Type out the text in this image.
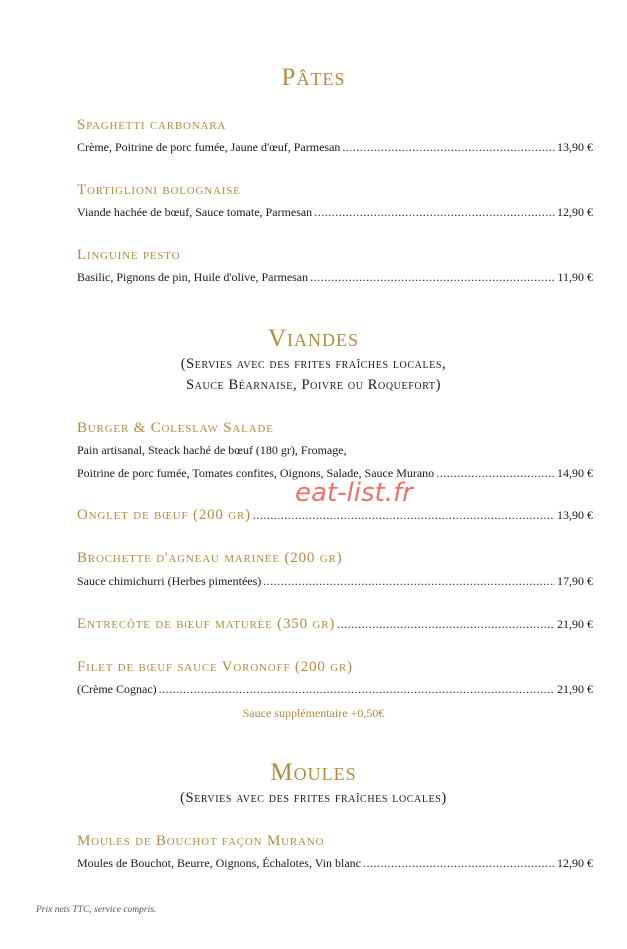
Pâtes
Spaghetti carbonara
Crème, Poitrine de porc fumée, Jaune d'œuf, Parmesan .....	13,90 €
Tortiglioni bolognaise
Viande hachée de bœuf, Sauce tomate, Parmesan .....	12,90 €
Linguine pesto
Basilic, Pignons de pin, Huile d'olive, Parmesan .....	11,90 €
Viandes
(Servies avec des frites fraîches locales,
Sauce Béarnaise, Poivre ou Roquefort)
Burger & Coleslaw Salade
Pain artisanal, Steack haché de bœuf (180 gr), Fromage,
Poitrine de porc fumée, Tomates confites, Oignons, Salade, Sauce Murano .....	14,90 €
Onglet de bœuf (200 gr) .....	13,90 €
Brochette d'agneau marinée (200 gr)
Sauce chimichurri (Herbes pimentées) .....	17,90 €
Entrecôte de bœuf maturée (350 gr) .....	21,90 €
Filet de bœuf sauce Voronoff (200 gr)
(Crème Cognac) .....	21,90 €
Sauce supplémentaire +0,50€
Moules
(Servies avec des frites fraîches locales)
Moules de Bouchot façon Murano
Moules de Bouchot, Beurre, Oignons, Échalotes, Vin blanc .....	12,90 €
eat-list.fr
Prix nets TTC, service compris.
